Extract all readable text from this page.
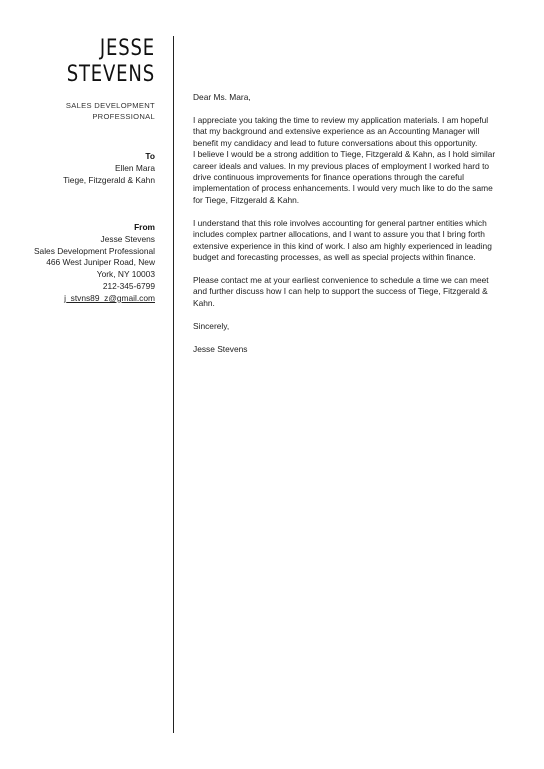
JESSE
STEVENS
SALES DEVELOPMENT
PROFESSIONAL
To
Ellen Mara
Tiege, Fitzgerald & Kahn
From
Jesse Stevens
Sales Development Professional
466 West Juniper Road, New
York, NY 10003
212-345-6799
j_stvns89_z@gmail.com

Dear Ms. Mara,

I appreciate you taking the time to review my application materials. I am hopeful that my background and extensive experience as an Accounting Manager will benefit my candidacy and lead to future conversations about this opportunity.
I believe I would be a strong addition to Tiege, Fitzgerald & Kahn, as I hold similar career ideals and values. In my previous places of employment I worked hard to drive continuous improvements for finance operations through the careful implementation of process enhancements. I would very much like to do the same for Tiege, Fitzgerald & Kahn.

I understand that this role involves accounting for general partner entities which includes complex partner allocations, and I want to assure you that I bring forth extensive experience in this kind of work. I also am highly experienced in leading budget and forecasting processes, as well as special projects within finance.

Please contact me at your earliest convenience to schedule a time we can meet and further discuss how I can help to support the success of Tiege, Fitzgerald & Kahn.

Sincerely,

Jesse Stevens
